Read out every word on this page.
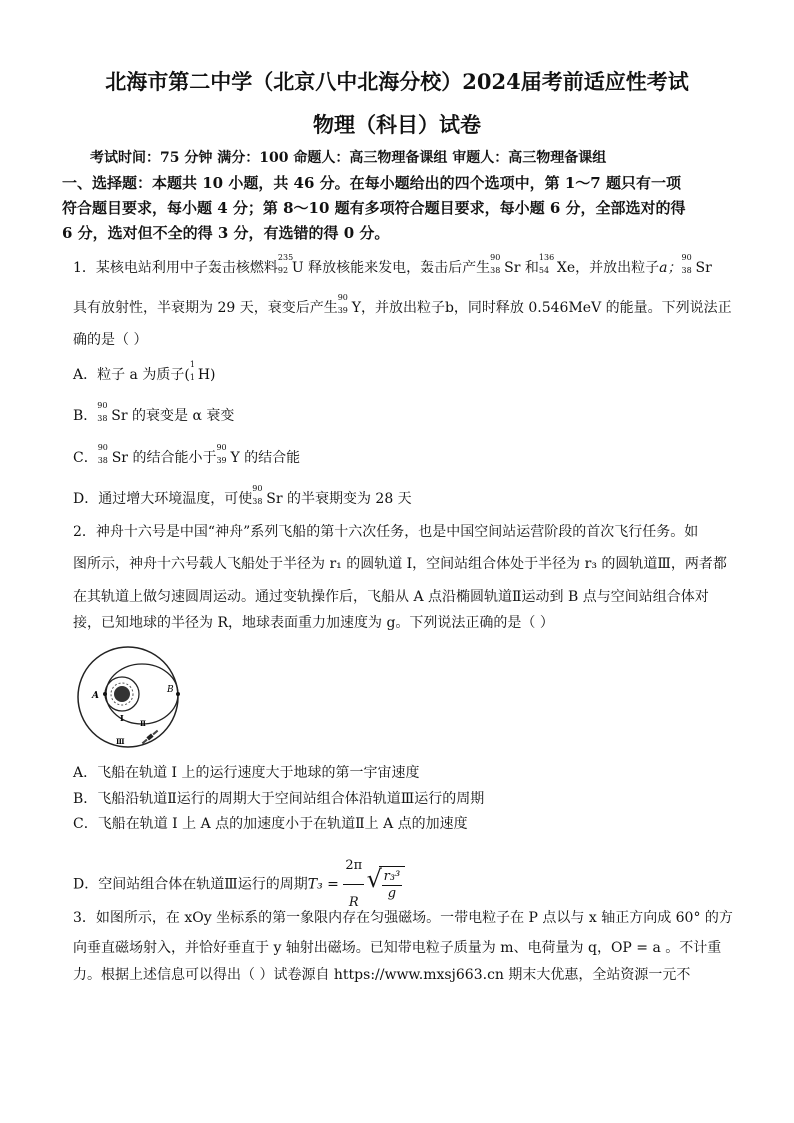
北海市第二中学（北京八中北海分校）2024届考前适应性考试
物理（科目）试卷
考试时间：75 分钟 满分：100 命题人：高三物理备课组 审题人：高三物理备课组
一、选择题：本题共 10 小题，共 46 分。在每小题给出的四个选项中，第 1～7 题只有一项
符合题目要求，每小题 4 分；第 8～10 题有多项符合题目要求，每小题 6 分，全部选对的得
6 分，选对但不全的得 3 分，有选错的得 0 分。
1．某核电站利用中子轰击核燃料
235
92 U 释放核能来发电，轰击后产生
90
38 Sr 和
136
54 Xe，并放出粒子a；
90
38 Sr
具有放射性，半衰期为 29 天，衰变后产生
90
39 Y，并放出粒子b，同时释放 0.546MeV 的能量。下列说法正
确的是（ ）
A．粒子 a 为质子(
1
1 H)
B．
90
38 Sr 的衰变是 α 衰变
C．
90
38 Sr 的结合能小于
90
39 Y 的结合能
D．通过增大环境温度，可使
90
38 Sr 的半衰期变为 28 天
2．神舟十六号是中国“神舟”系列飞船的第十六次任务，也是中国空间站运营阶段的首次飞行任务。如
图所示，神舟十六号载人飞船处于半径为 r₁ 的圆轨道 I，空间站组合体处于半径为 r₃ 的圆轨道Ⅲ，两者都
在其轨道上做匀速圆周运动。通过变轨操作后，飞船从 A 点沿椭圆轨道Ⅱ运动到 B 点与空间站组合体对
接，已知地球的半径为 R，地球表面重力加速度为 g。下列说法正确的是（ ）
A
B
I
Ⅱ
Ⅲ
A．飞船在轨道 I 上的运行速度大于地球的第一宇宙速度
B．飞船沿轨道Ⅱ运行的周期大于空间站组合体沿轨道Ⅲ运行的周期
C．飞船在轨道 I 上 A 点的加速度小于在轨道Ⅱ上 A 点的加速度
D．空间站组合体在轨道Ⅲ运行的周期$T_3 = \frac{2\pi}{R}$

√ $\frac{\text{r₃³}}{g}$
3．如图所示，在 xOy 坐标系的第一象限内存在匀强磁场。一带电粒子在 P 点以与 x 轴正方向成 60° 的方
向垂直磁场射入，并恰好垂直于 y 轴射出磁场。已知带电粒子质量为 m、电荷量为 q，OP = a 。不计重
力。根据上述信息可以得出（ ）试卷源自 https://www.mxsj663.cn 期末大优惠，全站资源一元不
